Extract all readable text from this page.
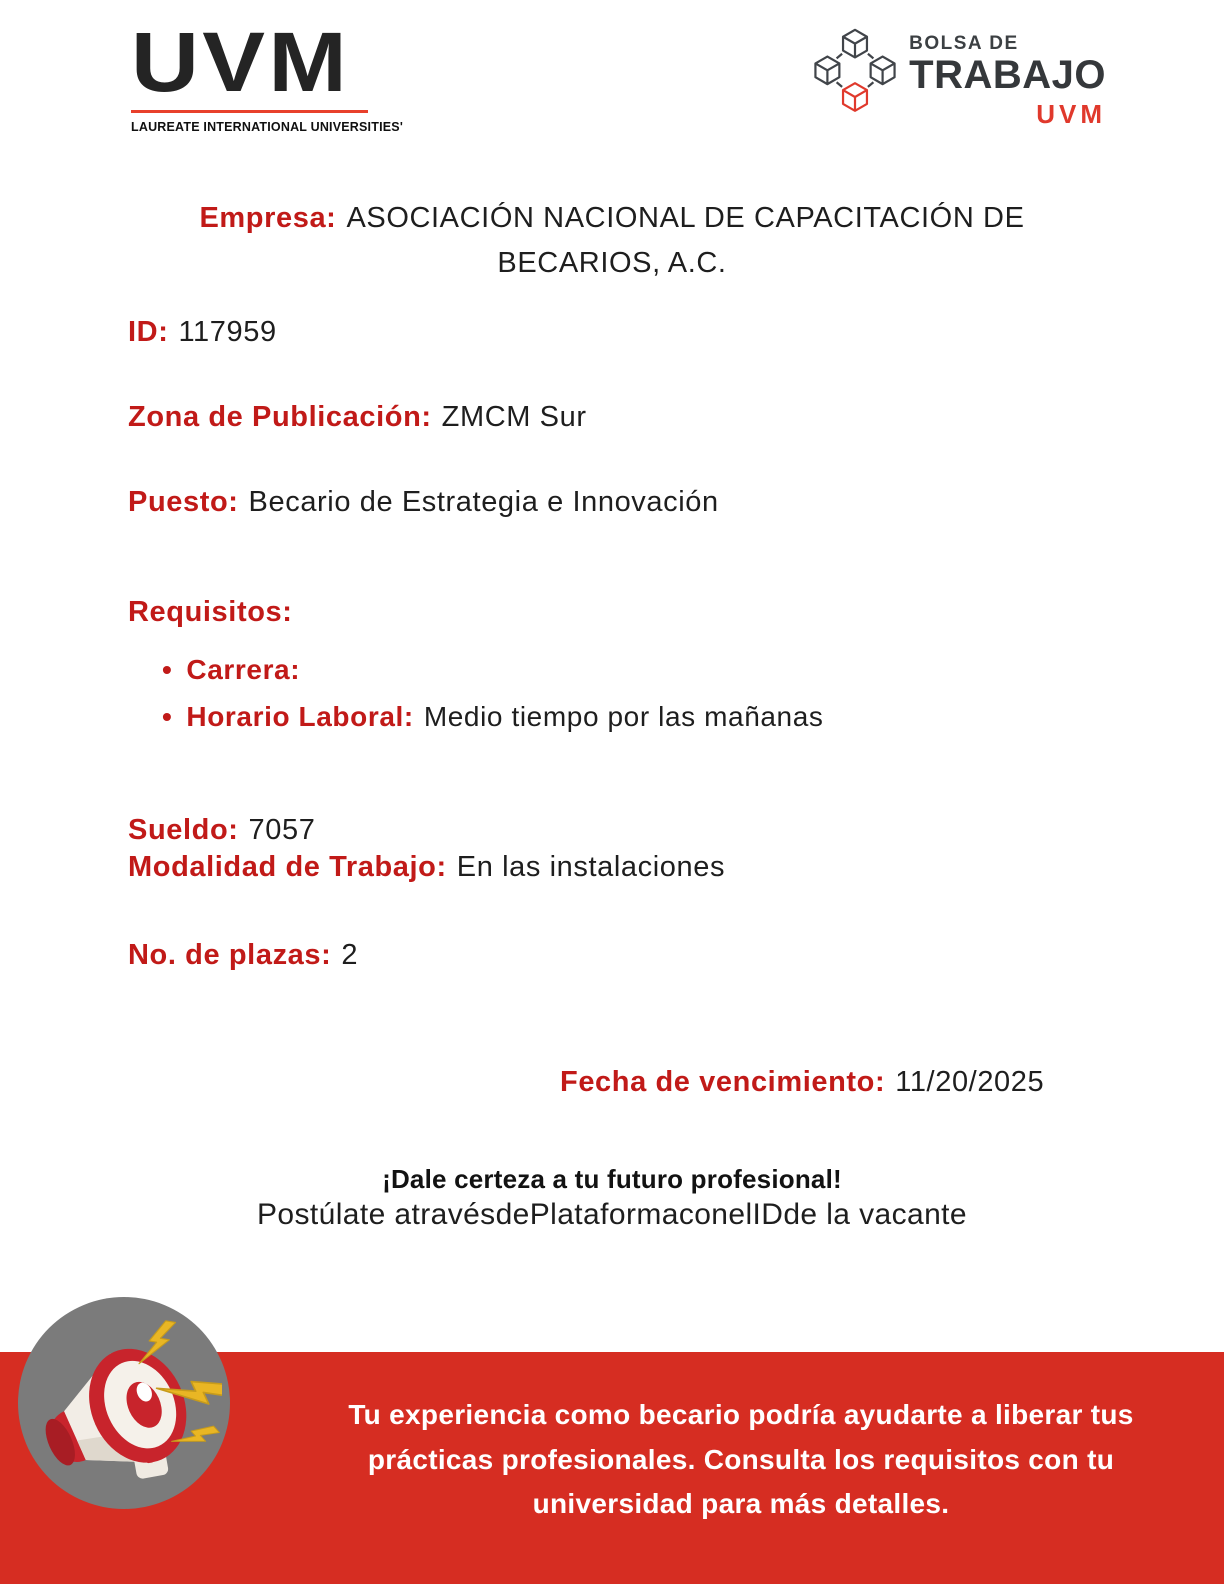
UVM
LAUREATE INTERNATIONAL UNIVERSITIES'
BOLSA DE
TRABAJO
UVM
Empresa: ASOCIACIÓN NACIONAL DE CAPACITACIÓN DE BECARIOS, A.C.
ID: 117959
Zona de Publicación: ZMCM Sur
Puesto: Becario de Estrategia e Innovación
Requisitos:
• Carrera:
• Horario Laboral: Medio tiempo por las mañanas
Sueldo: 7057
Modalidad de Trabajo: En las instalaciones
No. de plazas: 2
Fecha de vencimiento: 11/20/2025
¡Dale certeza a tu futuro profesional!
Postúlate atravésdePlataformaconelIDde la vacante
Tu experiencia como becario podría ayudarte a liberar tus prácticas profesionales. Consulta los requisitos con tu universidad para más detalles.
